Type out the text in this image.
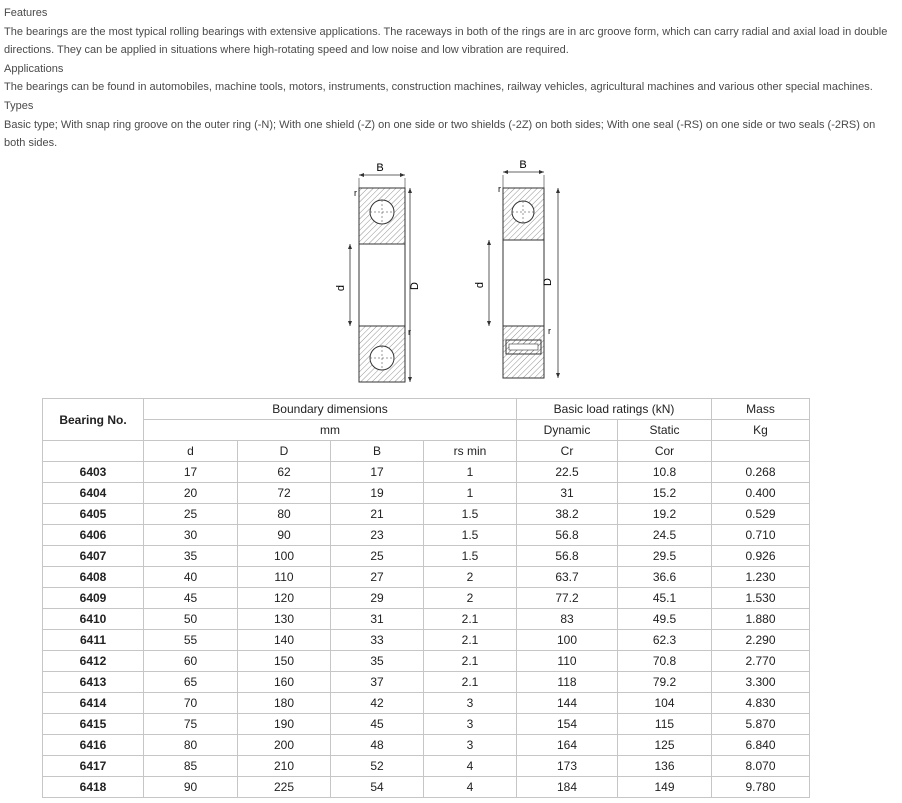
Features

The bearings are the most typical rolling bearings with extensive applications. The raceways in both of the rings are in arc groove form, which can carry radial and axial load in double directions. They can be applied in situations where high-rotating speed and low noise and low vibration are required.

Applications

The bearings can be found in automobiles, machine tools, motors, instruments, construction machines, railway vehicles, agricultural machines and various other special machines.

Types

Basic type; With snap ring groove on the outer ring (-N); With one shield (-Z) on one side or two shields (-2Z) on both sides; With one seal (-RS) on one side or two seals (-2RS) on both sides.

B
r
r
d	D
B
r
r
d	D
Bearing No.	Boundary dimensions				Basic load ratings (kN)		Mass
	mm				Dynamic	Static	Kg
	d	D	B	rs min	Cr	Cor	
6403	17	62	17	1	22.5	10.8	0.268
6404	20	72	19	1	31	15.2	0.400
6405	25	80	21	1.5	38.2	19.2	0.529
6406	30	90	23	1.5	56.8	24.5	0.710
6407	35	100	25	1.5	56.8	29.5	0.926
6408	40	110	27	2	63.7	36.6	1.230
6409	45	120	29	2	77.2	45.1	1.530
6410	50	130	31	2.1	83	49.5	1.880
6411	55	140	33	2.1	100	62.3	2.290
6412	60	150	35	2.1	110	70.8	2.770
6413	65	160	37	2.1	118	79.2	3.300
6414	70	180	42	3	144	104	4.830
6415	75	190	45	3	154	115	5.870
6416	80	200	48	3	164	125	6.840
6417	85	210	52	4	173	136	8.070
6418	90	225	54	4	184	149	9.780
